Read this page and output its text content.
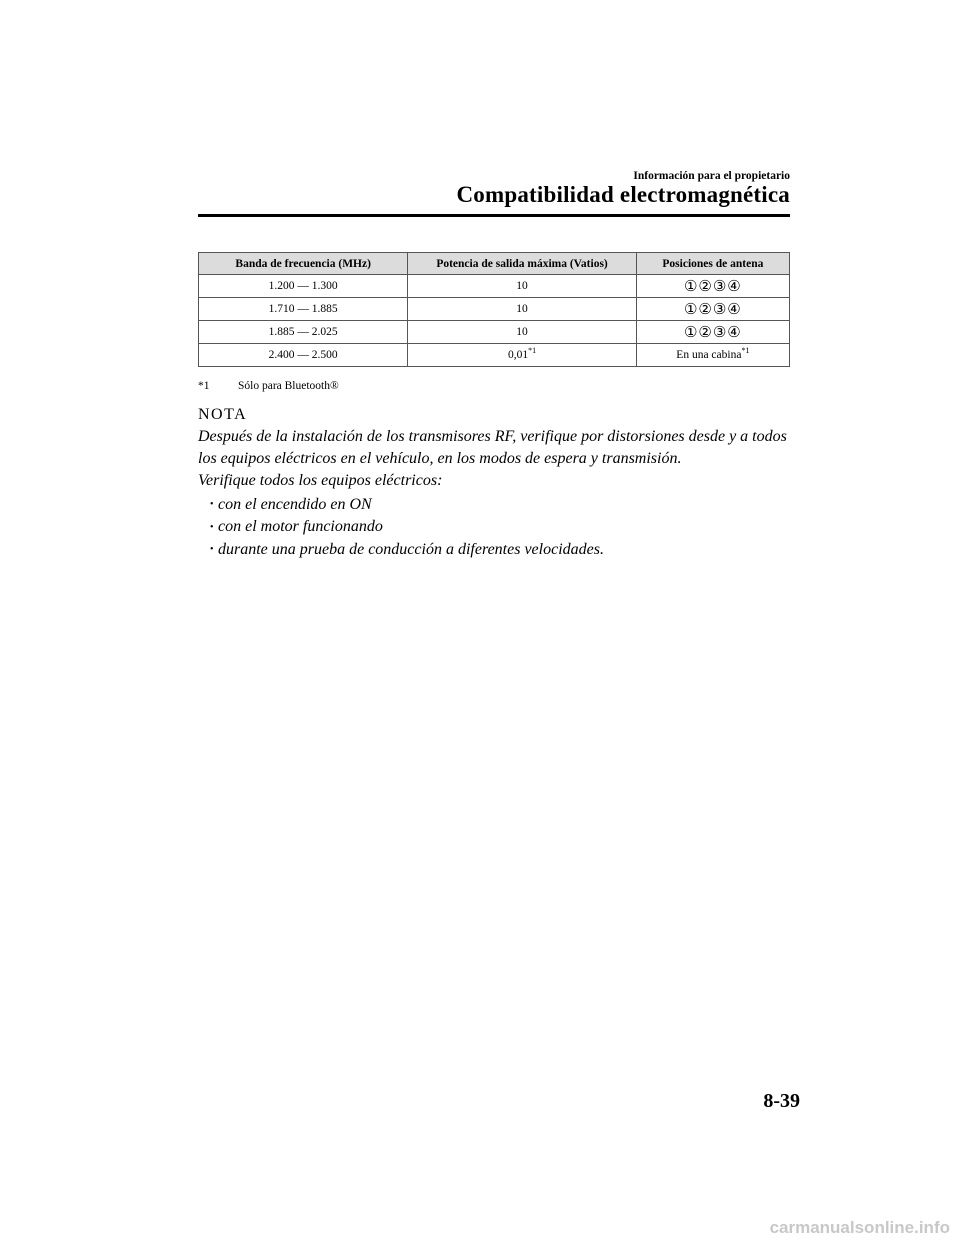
Información para el propietario
Compatibilidad electromagnética
Banda de frecuencia (MHz)	Potencia de salida máxima (Vatios)	Posiciones de antena
1.200 ― 1.300	10	①②③④
1.710 ― 1.885	10	①②③④
1.885 ― 2.025	10	①②③④
2.400 ― 2.500	0,01$^{*1}$	En una cabina$^{*1}$
*1 Sólo para Bluetooth®
NOTA

Después de la instalación de los transmisores RF, verifique por distorsiones desde y a todos los equipos eléctricos en el vehículo, en los modos de espera y transmisión.

Verifique todos los equipos eléctricos:

• con el encendido en ON
• con el motor funcionando
• durante una prueba de conducción a diferentes velocidades.
8-39
carmanualsonline.info
